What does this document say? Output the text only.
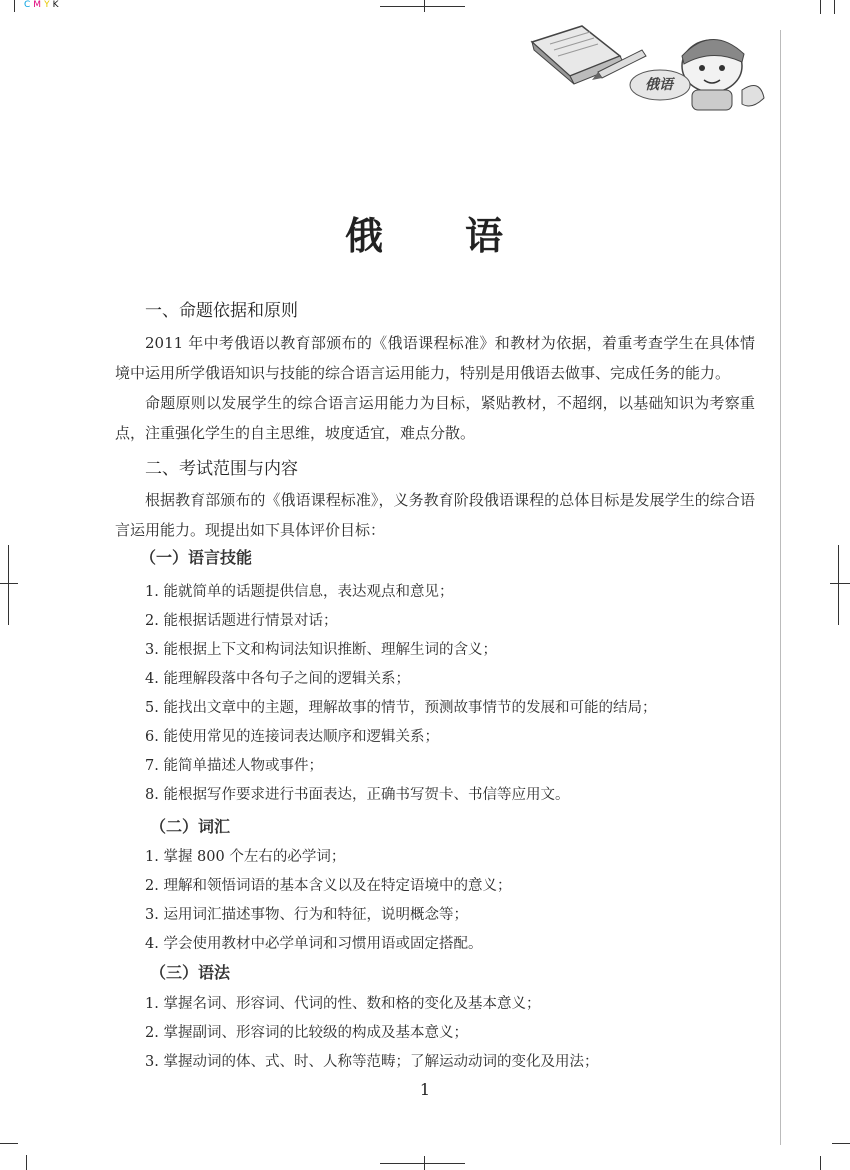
C M Y K
俄语
俄　　语
一、命题依据和原则
2011 年中考俄语以教育部颁布的《俄语课程标准》和教材为依据，着重考查学生在具体情境中运用所学俄语知识与技能的综合语言运用能力，特别是用俄语去做事、完成任务的能力。
命题原则以发展学生的综合语言运用能力为目标，紧贴教材，不超纲，以基础知识为考察重点，注重强化学生的自主思维，坡度适宜，难点分散。
二、考试范围与内容
根据教育部颁布的《俄语课程标准》，义务教育阶段俄语课程的总体目标是发展学生的综合语言运用能力。现提出如下具体评价目标：
（一）语言技能
1. 能就简单的话题提供信息，表达观点和意见；
2. 能根据话题进行情景对话；
3. 能根据上下文和构词法知识推断、理解生词的含义；
4. 能理解段落中各句子之间的逻辑关系；
5. 能找出文章中的主题，理解故事的情节，预测故事情节的发展和可能的结局；
6. 能使用常见的连接词表达顺序和逻辑关系；
7. 能简单描述人物或事件；
8. 能根据写作要求进行书面表达，正确书写贺卡、书信等应用文。
（二）词汇
1. 掌握 800 个左右的必学词；
2. 理解和领悟词语的基本含义以及在特定语境中的意义；
3. 运用词汇描述事物、行为和特征，说明概念等；
4. 学会使用教材中必学单词和习惯用语或固定搭配。
（三）语法
1. 掌握名词、形容词、代词的性、数和格的变化及基本意义；
2. 掌握副词、形容词的比较级的构成及基本意义；
3. 掌握动词的体、式、时、人称等范畴；了解运动动词的变化及用法；
1
